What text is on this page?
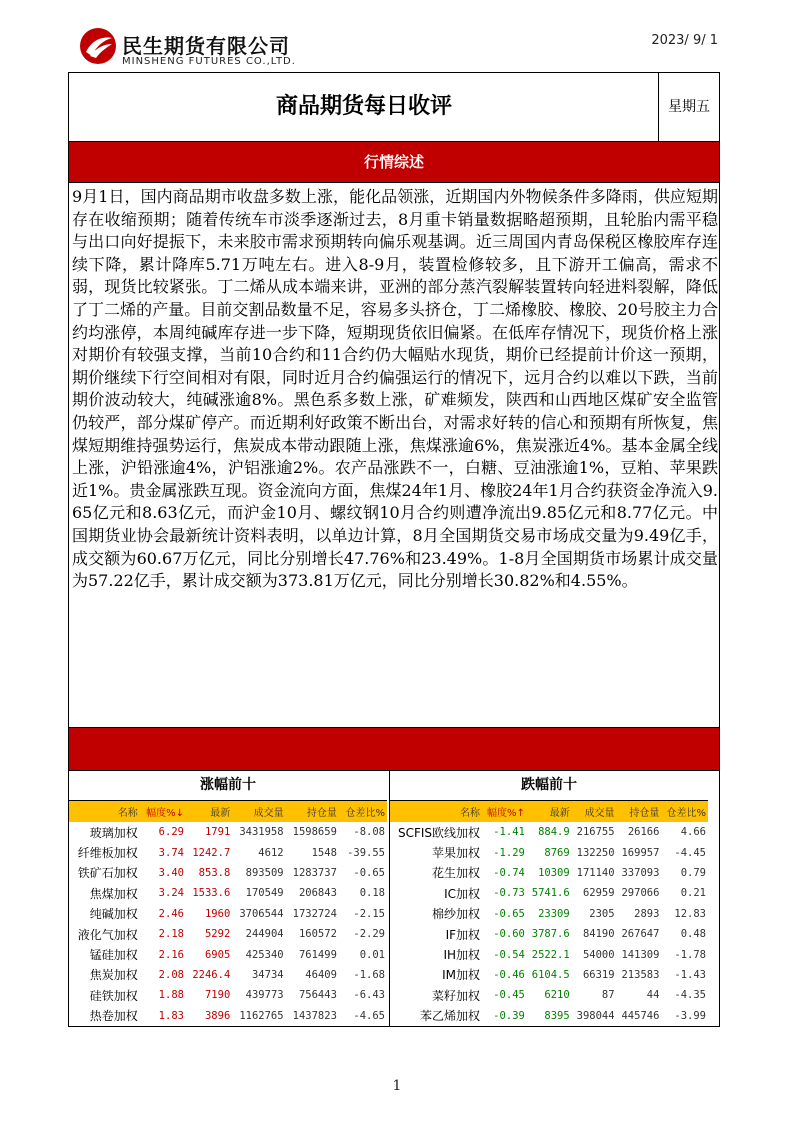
民生期货有限公司
MINSHENG FUTURES CO.,LTD.
2023/ 9/ 1
商品期货每日收评	星期五
行情综述
9月1日，国内商品期市收盘多数上涨，能化品领涨，近期国内外物候条件多降雨，供应短期存在收缩预期；随着传统车市淡季逐渐过去，8月重卡销量数据略超预期，且轮胎内需平稳与出口向好提振下，未来胶市需求预期转向偏乐观基调。近三周国内青岛保税区橡胶库存连续下降，累计降库5.71万吨左右。进入8-9月，装置检修较多，且下游开工偏高，需求不弱，现货比较紧张。丁二烯从成本端来讲，亚洲的部分蒸汽裂解装置转向轻进料裂解，降低了丁二烯的产量。目前交割品数量不足，容易多头挤仓，丁二烯橡胶、橡胶、20号胶主力合约均涨停，本周纯碱库存进一步下降，短期现货依旧偏紧。在低库存情况下，现货价格上涨对期价有较强支撑，当前10合约和11合约仍大幅贴水现货，期价已经提前计价这一预期，期价继续下行空间相对有限，同时近月合约偏强运行的情况下，远月合约以难以下跌，当前期价波动较大，纯碱涨逾8%。黑色系多数上涨，矿难频发，陕西和山西地区煤矿安全监管仍较严，部分煤矿停产。而近期利好政策不断出台，对需求好转的信心和预期有所恢复，焦煤短期维持强势运行，焦炭成本带动跟随上涨，焦煤涨逾6%，焦炭涨近4%。基本金属全线上涨，沪铅涨逾4%，沪铝涨逾2%。农产品涨跌不一，白糖、豆油涨逾1%，豆粕、苹果跌近1%。贵金属涨跌互现。资金流向方面，焦煤24年1月、橡胶24年1月合约获资金净流入9.65亿元和8.63亿元，而沪金10月、螺纹钢10月合约则遭净流出9.85亿元和8.77亿元。中国期货业协会最新统计资料表明，以单边计算，8月全国期货交易市场成交量为9.49亿手，成交额为60.67万亿元，同比分别增长47.76%和23.49%。1-8月全国期货市场累计成交量为57.22亿手，累计成交额为373.81万亿元，同比分别增长30.82%和4.55%。
涨幅前十
名称	幅度%↓	最新	成交量	持仓量	仓差比%
玻璃加权	6.29	1791	3431958	1598659	-8.08
纤维板加权	3.74	1242.7	4612	1548	-39.55
铁矿石加权	3.40	853.8	893509	1283737	-0.65
焦煤加权	3.24	1533.6	170549	206843	0.18
纯碱加权	2.46	1960	3706544	1732724	-2.15
液化气加权	2.18	5292	244904	160572	-2.29
锰硅加权	2.16	6905	425340	761499	0.01
焦炭加权	2.08	2246.4	34734	46409	-1.68
硅铁加权	1.88	7190	439773	756443	-6.43
热卷加权	1.83	3896	1162765	1437823	-4.65
跌幅前十
名称	幅度%↑	最新	成交量	持仓量	仓差比%
SCFIS欧线加权	-1.41	884.9	216755	26166	4.66
苹果加权	-1.29	8769	132250	169957	-4.45
花生加权	-0.74	10309	171140	337093	0.79
IC加权	-0.73	5741.6	62959	297066	0.21
棉纱加权	-0.65	23309	2305	2893	12.83
IF加权	-0.60	3787.6	84190	267647	0.48
IH加权	-0.54	2522.1	54000	141309	-1.78
IM加权	-0.46	6104.5	66319	213583	-1.43
菜籽加权	-0.45	6210	87	44	-4.35
苯乙烯加权	-0.39	8395	398044	445746	-3.99
1
